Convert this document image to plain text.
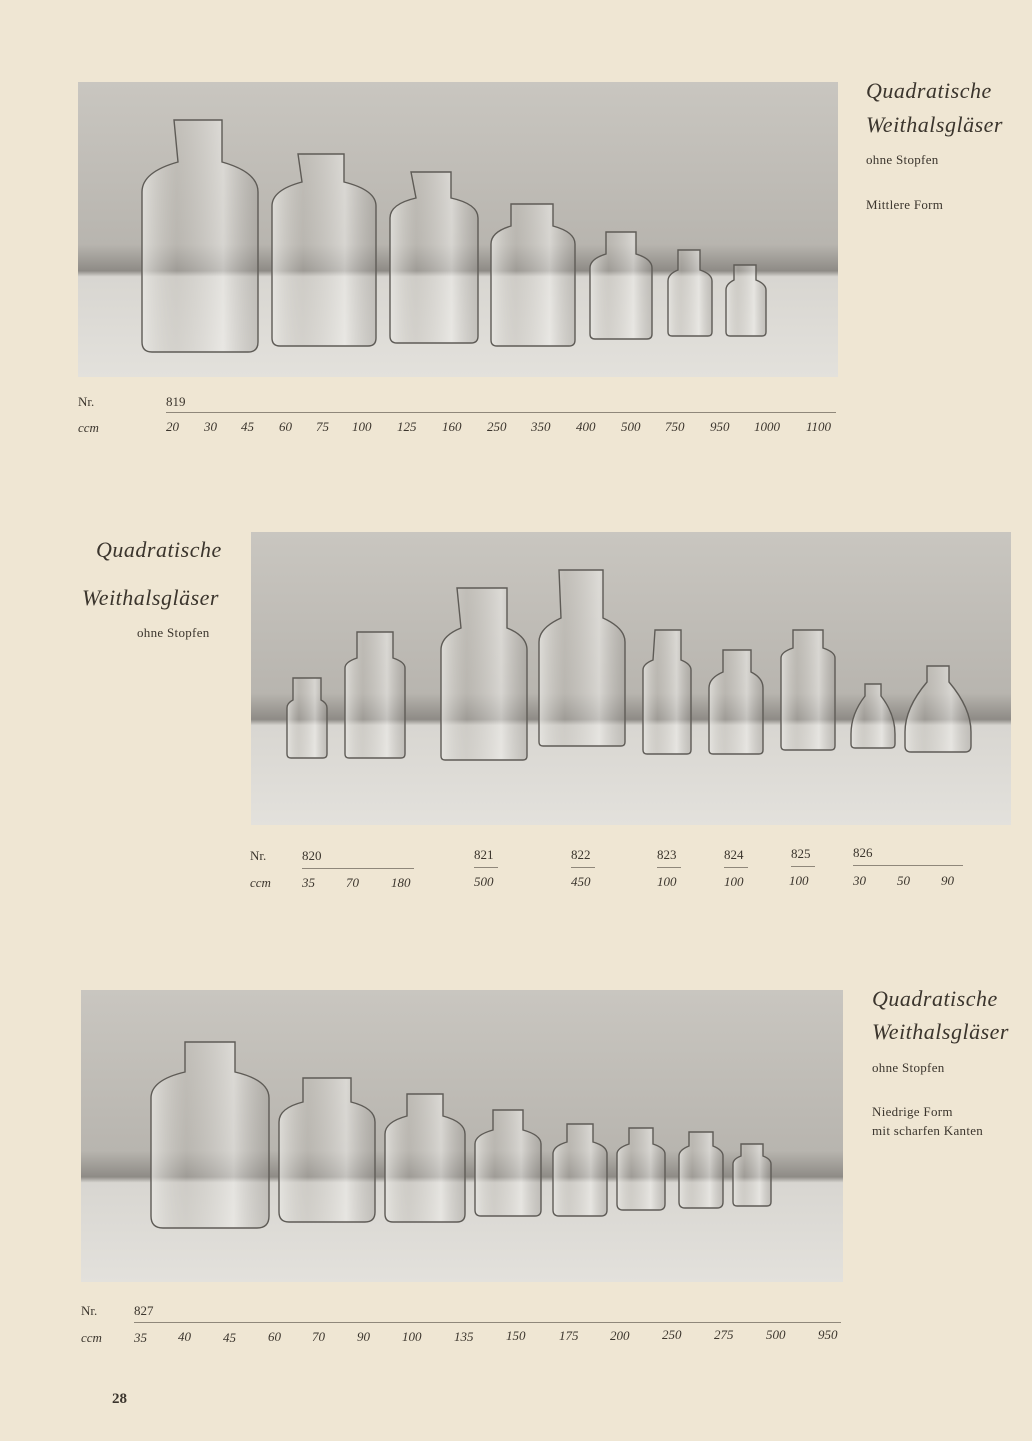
Quadratische
Weithalsgläser
ohne Stopfen
Mittlere Form
Nr.
ccm
819
20 30 45 60 75 100 125 160 250 350 400 500 750 950 1000 1100
Quadratische
Weithalsgläser
ohne Stopfen
Nr.
ccm
820	821	822	823	824	825	826
35 70 180	500	450	100	100	100	30 50 90
Quadratische
Weithalsgläser
ohne Stopfen
Niedrige Form
mit scharfen Kanten
Nr.
ccm
827
35 40 45 60 70 90 100	135	150	175 200	250	275	500	950
28
